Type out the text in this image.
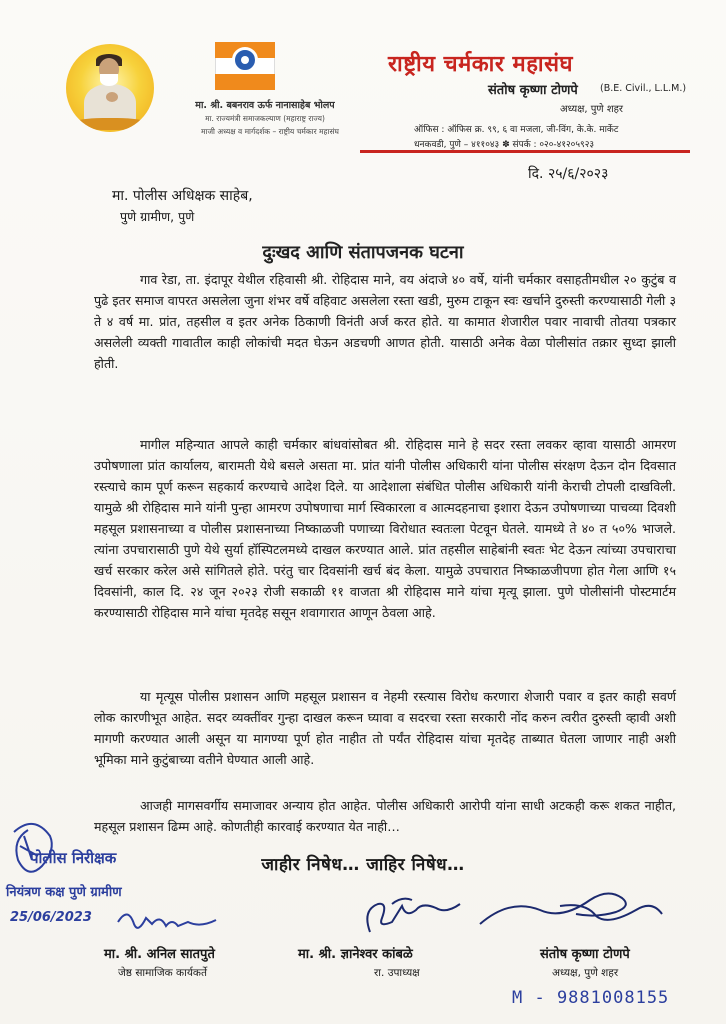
मा. श्री. बबनराव ऊर्फ नानासाहेब भोलप
मा. राज्यमंत्री समाजकल्याण (महाराष्ट्र राज्य)
माजी अध्यक्ष व मार्गदर्शक – राष्ट्रीय चर्मकार महासंघ
राष्ट्रीय चर्मकार महासंघ
संतोष कृष्णा टोणपे (B.E. Civil., L.L.M.)
अध्यक्ष, पुणे शहर
ऑफिस : ऑफिस क्र. ९९, ६ वा मजला, जी-विंग, के.के. मार्केट
धनकवडी, पुणे – ४११०४३ ✽ संपर्क : ०२०-४१२०५९२३
दि. २५/६/२०२३
मा. पोलीस अधिक्षक साहेब,
पुणे ग्रामीण, पुणे
दुःखद आणि संतापजनक घटना
गाव रेडा, ता. इंदापूर येथील रहिवासी श्री. रोहिदास माने, वय अंदाजे ४० वर्षे, यांनी चर्मकार वसाहतीमधील २० कुटुंब व पुढे इतर समाज वापरत असलेला जुना शंभर वर्षे वहिवाट असलेला रस्ता खडी, मुरुम टाकून स्वः खर्चाने दुरुस्ती करण्यासाठी गेली ३ ते ४ वर्ष मा. प्रांत, तहसील व इतर अनेक ठिकाणी विनंती अर्ज करत होते. या कामात शेजारील पवार नावाची तोतया पत्रकार असलेली व्यक्ती गावातील काही लोकांची मदत घेऊन अडचणी आणत होती. यासाठी अनेक वेळा पोलीसांत तक्रार सुध्दा झाली होती.
मागील महिन्यात आपले काही चर्मकार बांधवांसोबत श्री. रोहिदास माने हे सदर रस्ता लवकर व्हावा यासाठी आमरण उपोषणाला प्रांत कार्यालय, बारामती येथे बसले असता मा. प्रांत यांनी पोलीस अधिकारी यांना पोलीस संरक्षण देऊन दोन दिवसात रस्त्याचे काम पूर्ण करून सहकार्य करण्याचे आदेश दिले. या आदेशाला संबंधित पोलीस अधिकारी यांनी केराची टोपली दाखविली. यामुळे श्री रोहिदास माने यांनी पुन्हा आमरण उपोषणाचा मार्ग स्विकारला व आत्मदहनाचा इशारा देऊन उपोषणाच्या पाचव्या दिवशी महसूल प्रशासनाच्या व पोलीस प्रशासनाच्या निष्काळजी पणाच्या विरोधात स्वतःला पेटवून घेतले. यामध्ये ते ४० त ५०% भाजले. त्यांना उपचारासाठी पुणे येथे सुर्या हॉस्पिटलमध्ये दाखल करण्यात आले. प्रांत तहसील साहेबांनी स्वतः भेट देऊन त्यांच्या उपचाराचा खर्च सरकार करेल असे सांगितले होते. परंतु चार दिवसांनी खर्च बंद केला. यामुळे उपचारात निष्काळजीपणा होत गेला आणि १५ दिवसांनी, काल दि. २४ जून २०२३ रोजी सकाळी ११ वाजता श्री रोहिदास माने यांचा मृत्यू झाला. पुणे पोलीसांनी पोस्टमार्टम करण्यासाठी रोहिदास माने यांचा मृतदेह ससून शवागारात आणून ठेवला आहे.
या मृत्यूस पोलीस प्रशासन आणि महसूल प्रशासन व नेहमी रस्त्यास विरोध करणारा शेजारी पवार व इतर काही सवर्ण लोक कारणीभूत आहेत. सदर व्यक्तींवर गुन्हा दाखल करून घ्यावा व सदरचा रस्ता सरकारी नोंद करुन त्वरीत दुरुस्ती व्हावी अशी मागणी करण्यात आली असून या मागण्या पूर्ण होत नाहीत तो पर्यंत रोहिदास यांचा मृतदेह ताब्यात घेतला जाणार नाही अशी भूमिका माने कुटुंबाच्या वतीने घेण्यात आली आहे.
आजही मागसवर्गीय समाजावर अन्याय होत आहेत. पोलीस अधिकारी आरोपी यांना साधी अटकही करू शकत नाहीत, महसूल प्रशासन ढिम्म आहे. कोणतीही कारवाई करण्यात येत नाही…
जाहीर निषेध… जाहिर निषेध…
पोलीस निरीक्षक
नियंत्रण कक्ष पुणे ग्रामीण
25/06/2023
मा. श्री. अनिल सातपुते
जेष्ठ सामाजिक कार्यकर्ते
मा. श्री. ज्ञानेश्वर कांबळे
रा. उपाध्यक्ष
संतोष कृष्णा टोणपे
अध्यक्ष, पुणे शहर
M - 9881008155
